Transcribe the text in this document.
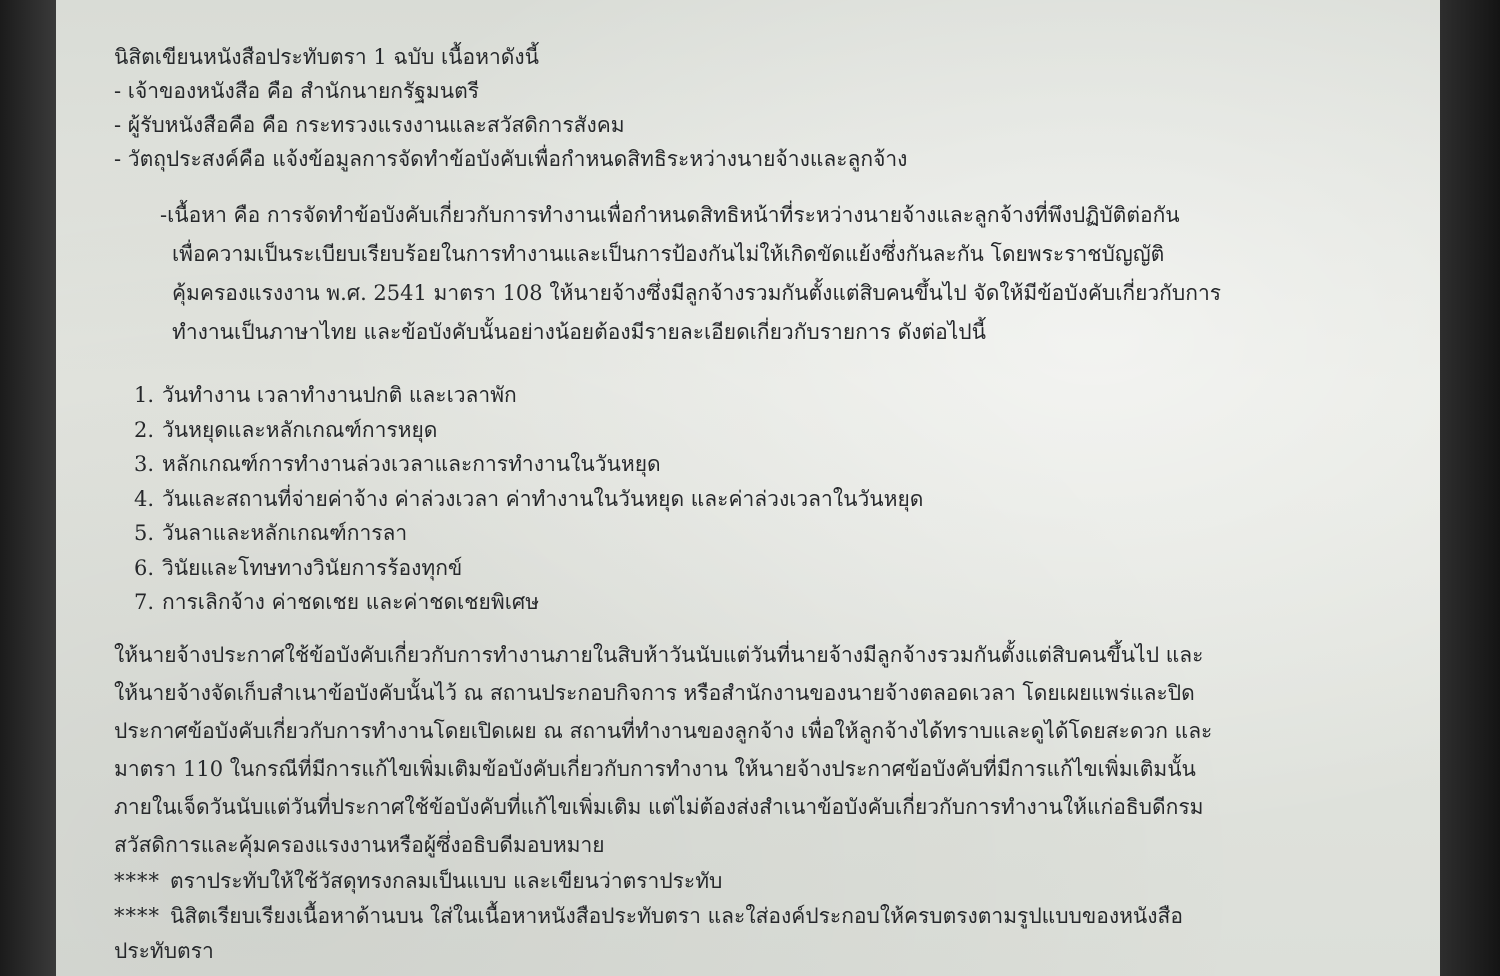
นิสิตเขียนหนังสือประทับตรา 1 ฉบับ เนื้อหาดังนี้
- เจ้าของหนังสือ คือ สำนักนายกรัฐมนตรี
- ผู้รับหนังสือคือ คือ กระทรวงแรงงานและสวัสดิการสังคม
- วัตถุประสงค์คือ แจ้งข้อมูลการจัดทำข้อบังคับเพื่อกำหนดสิทธิระหว่างนายจ้างและลูกจ้าง
-เนื้อหา คือ การจัดทำข้อบังคับเกี่ยวกับการทำงานเพื่อกำหนดสิทธิหน้าที่ระหว่างนายจ้างและลูกจ้างที่พึงปฏิบัติต่อกัน
เพื่อความเป็นระเบียบเรียบร้อยในการทำงานและเป็นการป้องกันไม่ให้เกิดขัดแย้งซึ่งกันละกัน โดยพระราชบัญญัติ
คุ้มครองแรงงาน พ.ศ. 2541 มาตรา 108 ให้นายจ้างซึ่งมีลูกจ้างรวมกันตั้งแต่สิบคนขึ้นไป จัดให้มีข้อบังคับเกี่ยวกับการ
ทำงานเป็นภาษาไทย และข้อบังคับนั้นอย่างน้อยต้องมีรายละเอียดเกี่ยวกับรายการ ดังต่อไปนี้
1. วันทำงาน เวลาทำงานปกติ และเวลาพัก
2. วันหยุดและหลักเกณฑ์การหยุด
3. หลักเกณฑ์การทำงานล่วงเวลาและการทำงานในวันหยุด
4. วันและสถานที่จ่ายค่าจ้าง ค่าล่วงเวลา ค่าทำงานในวันหยุด และค่าล่วงเวลาในวันหยุด
5. วันลาและหลักเกณฑ์การลา
6. วินัยและโทษทางวินัยการร้องทุกข์
7. การเลิกจ้าง ค่าชดเชย และค่าชดเชยพิเศษ
ให้นายจ้างประกาศใช้ข้อบังคับเกี่ยวกับการทำงานภายในสิบห้าวันนับแต่วันที่นายจ้างมีลูกจ้างรวมกันตั้งแต่สิบคนขึ้นไป และ
ให้นายจ้างจัดเก็บสำเนาข้อบังคับนั้นไว้ ณ สถานประกอบกิจการ หรือสำนักงานของนายจ้างตลอดเวลา โดยเผยแพร่และปิด
ประกาศข้อบังคับเกี่ยวกับการทำงานโดยเปิดเผย ณ สถานที่ทำงานของลูกจ้าง เพื่อให้ลูกจ้างได้ทราบและดูได้โดยสะดวก และ
มาตรา 110 ในกรณีที่มีการแก้ไขเพิ่มเติมข้อบังคับเกี่ยวกับการทำงาน ให้นายจ้างประกาศข้อบังคับที่มีการแก้ไขเพิ่มเติมนั้น
ภายในเจ็ดวันนับแต่วันที่ประกาศใช้ข้อบังคับที่แก้ไขเพิ่มเติม แต่ไม่ต้องส่งสำเนาข้อบังคับเกี่ยวกับการทำงานให้แก่อธิบดีกรม
สวัสดิการและคุ้มครองแรงงานหรือผู้ซึ่งอธิบดีมอบหมาย
**** ตราประทับให้ใช้วัสดุทรงกลมเป็นแบบ และเขียนว่าตราประทับ
**** นิสิตเรียบเรียงเนื้อหาด้านบน ใส่ในเนื้อหาหนังสือประทับตรา และใส่องค์ประกอบให้ครบตรงตามรูปแบบของหนังสือ
ประทับตรา
